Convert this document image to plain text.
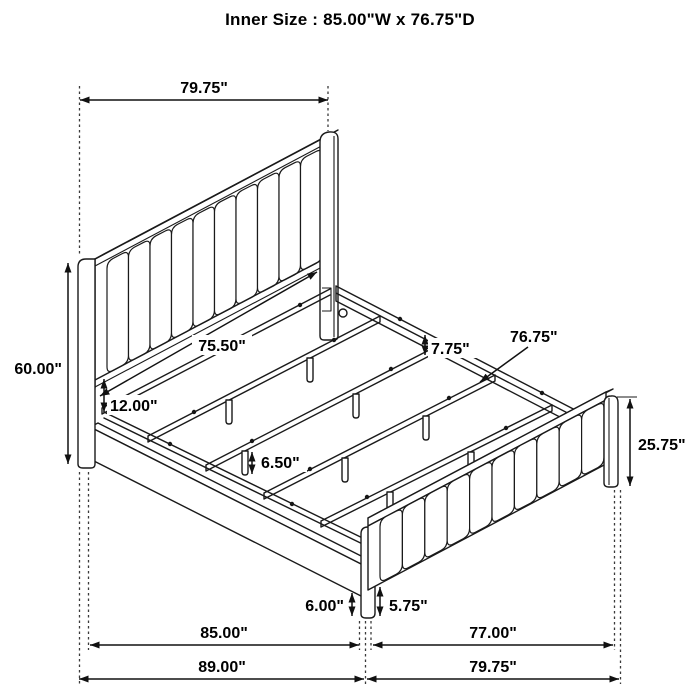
Inner Size : 85.00"W x 76.75"D
79.75"
60.00"
75.50"
12.00"
7.75"
76.75"
25.75"
6.50"
6.00"	5.75"
85.00"	77.00"
89.00"	79.75"
